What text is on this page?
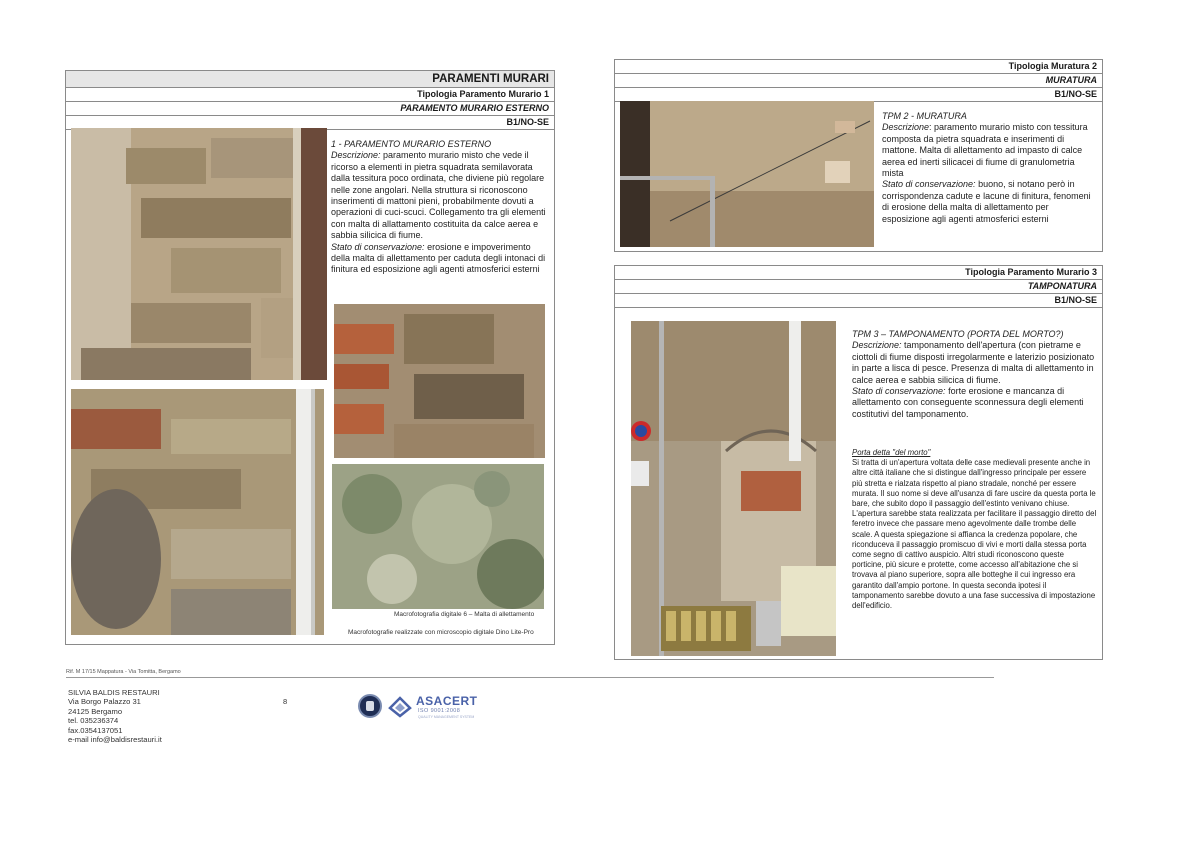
PARAMENTI MURARI
Tipologia Paramento Murario 1
PARAMENTO MURARIO ESTERNO
B1/NO-SE
1 - PARAMENTO MURARIO ESTERNO
Descrizione: paramento murario misto che vede il ricorso a elementi in pietra squadrata semilavorata dalla tessitura poco ordinata, che diviene più regolare nelle zone angolari. Nella struttura si riconoscono inserimenti di mattoni pieni, probabilmente dovuti a operazioni di cuci-scuci. Collegamento tra gli elementi con malta di allattamento costituita da calce aerea e sabbia silicica di fiume.
Stato di conservazione: erosione e impoverimento della malta di allettamento per caduta degli intonaci di finitura ed esposizione agli agenti atmosferici esterni
Macrofotografia digitale 6 – Malta di allettamento
Macrofotografie realizzate con microscopio digitale Dino Lite-Pro
Tipologia Muratura 2
MURATURA
B1/NO-SE
TPM 2 - MURATURA
Descrizione: paramento murario misto con tessitura composta da pietra squadrata e inserimenti di mattone. Malta di allettamento ad impasto di calce aerea ed inerti silicacei di fiume di granulometria mista
Stato di conservazione: buono, si notano però in corrispondenza cadute e lacune di finitura, fenomeni di erosione della malta di allettamento per esposizione agli agenti atmosferici esterni
Tipologia Paramento Murario 3
TAMPONATURA
B1/NO-SE
TPM 3 – TAMPONAMENTO (PORTA DEL MORTO?)
Descrizione: tamponamento dell'apertura (con pietrame e ciottoli di fiume disposti irregolarmente e laterizio posizionato in parte a lisca di pesce. Presenza di malta di allettamento in calce aerea e sabbia silicica di fiume.
Stato di conservazione: forte erosione e mancanza di allettamento con conseguente sconnessura degli elementi costitutivi del tamponamento.
Porta detta "del morto"
Si tratta di un'apertura voltata delle case medievali presente anche in altre città italiane che si distingue dall'ingresso principale per essere più stretta e rialzata rispetto al piano stradale, nonché per essere murata. Il suo nome si deve all'usanza di fare uscire da questa porta le bare, che subito dopo il passaggio dell'estinto venivano chiuse. L'apertura sarebbe stata realizzata per facilitare il passaggio diretto del feretro invece che passare meno agevolmente dalle trombe delle scale. A questa spiegazione si affianca la credenza popolare, che riconduceva il passaggio promiscuo di vivi e morti dalla stessa porta come segno di cattivo auspicio. Altri studi riconoscono queste porticine, più sicure e protette, come accesso all'abitazione che si trovava al piano superiore, sopra alle botteghe il cui ingresso era garantito dall'ampio portone. In questa seconda ipotesi il tamponamento sarebbe dovuto a una fase successiva di impostazione dell'edificio.
Rif. M 17/15 Mappatura - Via Tomitta, Bergamo
SILVIA BALDIS RESTAURI
Via Borgo Palazzo 31
24125 Bergamo
tel. 035236374
fax.0354137051
e-mail info@baldisrestauri.it
8	ASACERT
ISO 9001:2008
QUALITY MANAGEMENT SYSTEM
